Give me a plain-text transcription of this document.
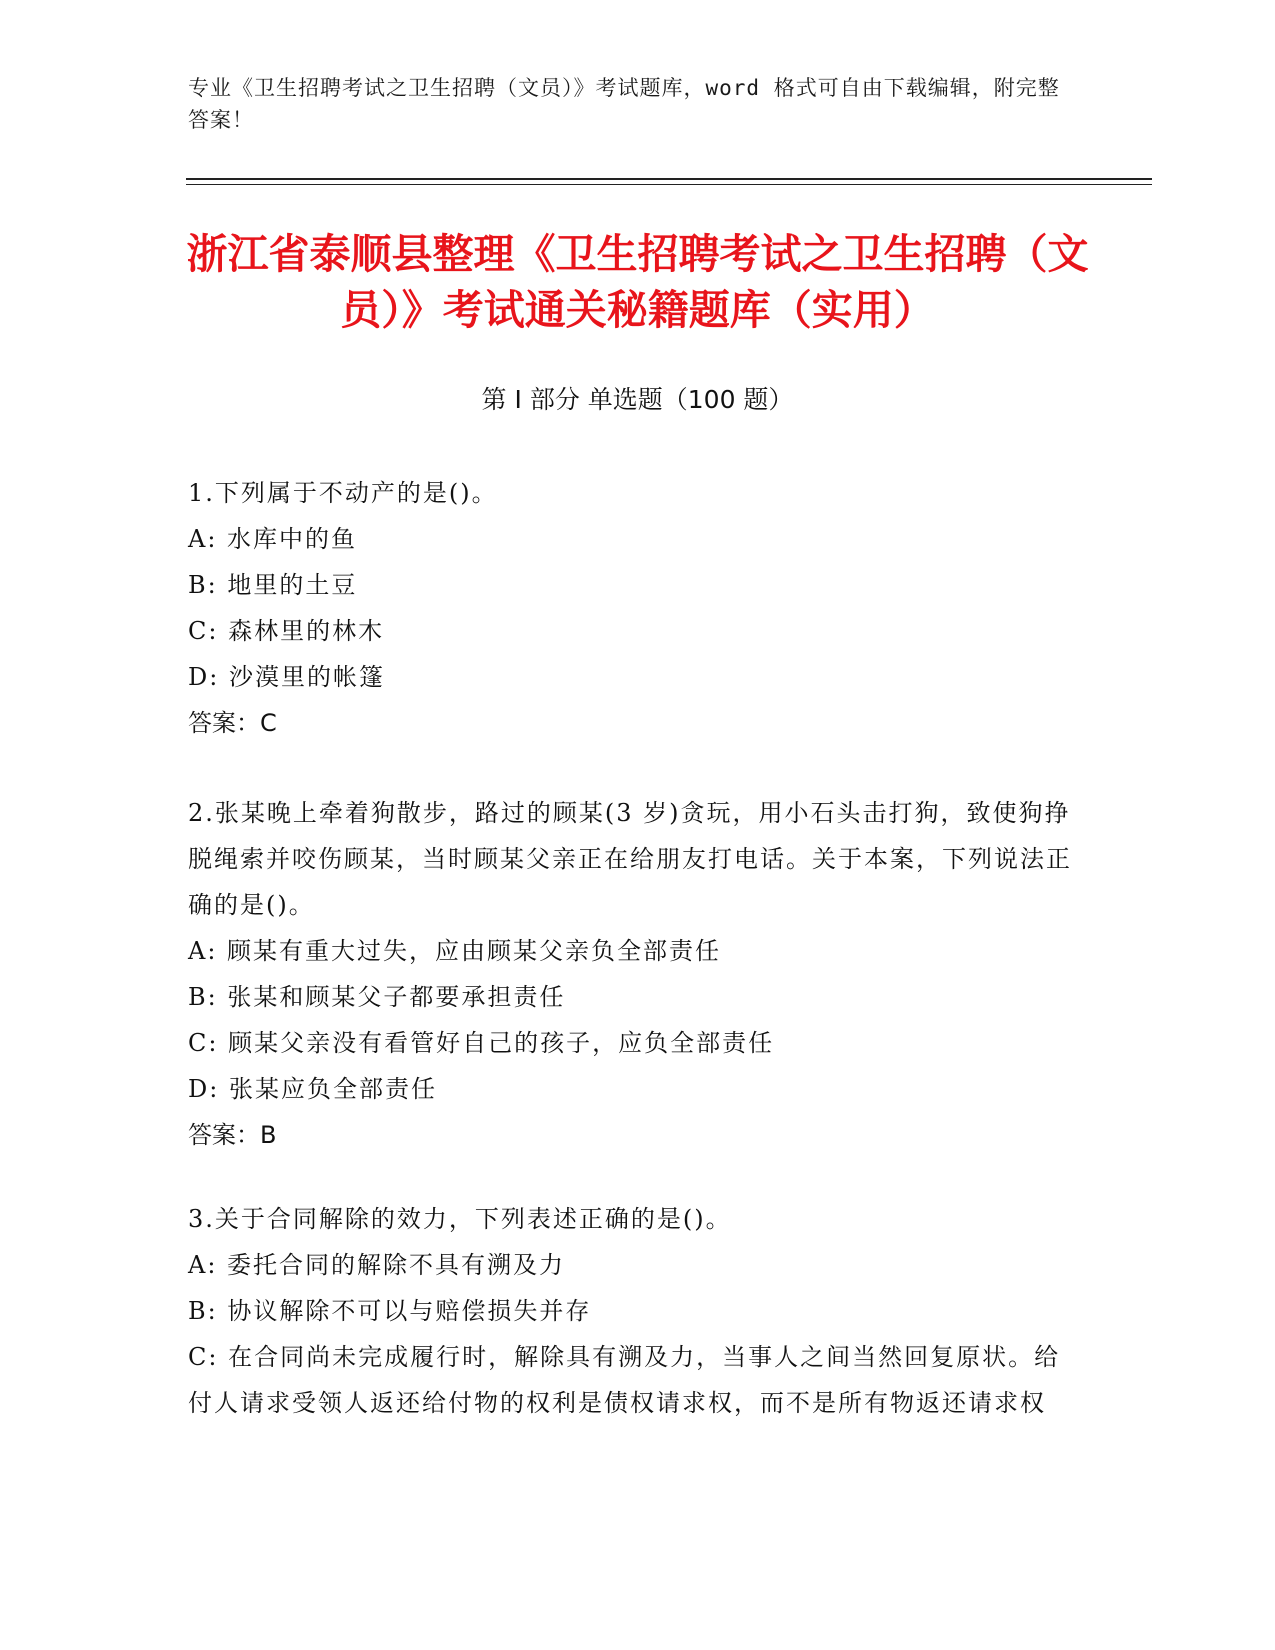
专业《卫生招聘考试之卫生招聘（文员）》考试题库，word 格式可自由下载编辑，附完整答案！
浙江省泰顺县整理《卫生招聘考试之卫生招聘（文员）》考试通关秘籍题库（实用）
第 I 部分 单选题（100 题）
1.下列属于不动产的是()。
A: 水库中的鱼
B: 地里的土豆
C: 森林里的林木
D: 沙漠里的帐篷
答案：C
2.张某晚上牵着狗散步，路过的顾某(3 岁)贪玩，用小石头击打狗，致使狗挣脱绳索并咬伤顾某，当时顾某父亲正在给朋友打电话。关于本案，下列说法正确的是()。
A: 顾某有重大过失，应由顾某父亲负全部责任
B: 张某和顾某父子都要承担责任
C: 顾某父亲没有看管好自己的孩子，应负全部责任
D: 张某应负全部责任
答案：B
3.关于合同解除的效力，下列表述正确的是()。
A: 委托合同的解除不具有溯及力
B: 协议解除不可以与赔偿损失并存
C: 在合同尚未完成履行时，解除具有溯及力，当事人之间当然回复原状。给付人请求受领人返还给付物的权利是债权请求权，而不是所有物返还请求权
